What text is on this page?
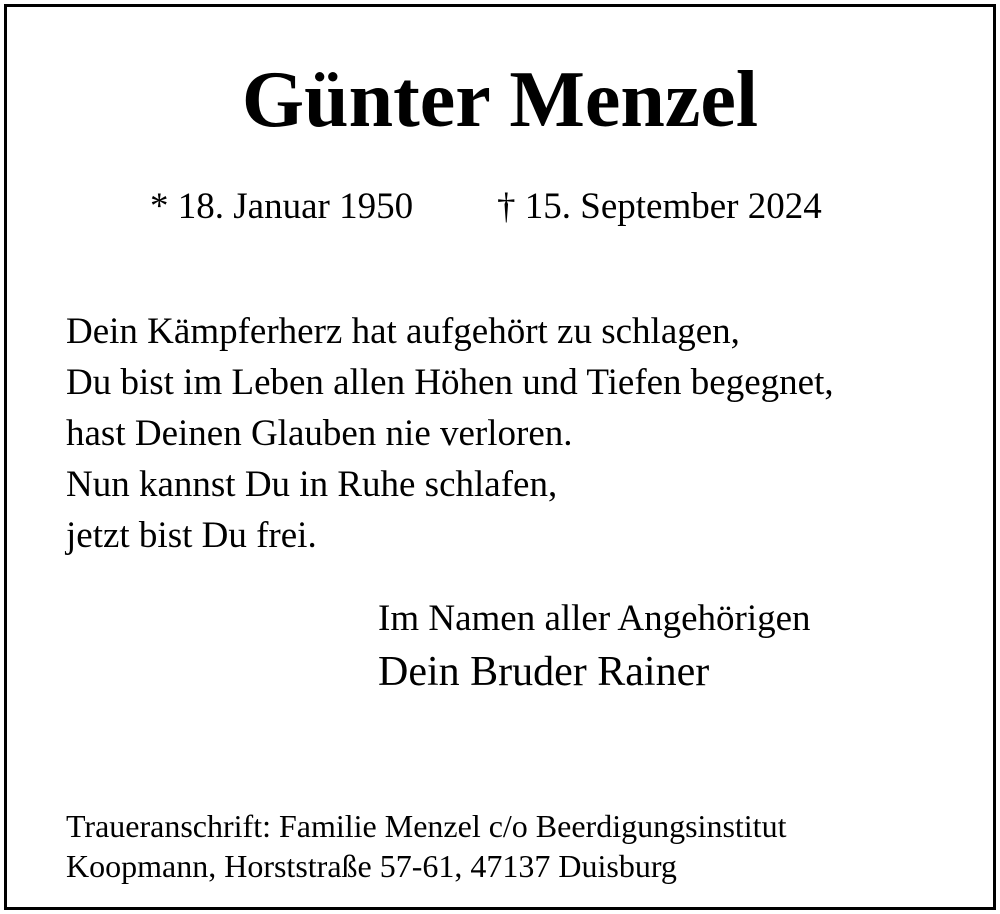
Günter Menzel
* 18. Januar 1950 † 15. September 2024
Dein Kämpferherz hat aufgehört zu schlagen,
Du bist im Leben allen Höhen und Tiefen begegnet,
hast Deinen Glauben nie verloren.
Nun kannst Du in Ruhe schlafen,
jetzt bist Du frei.
Im Namen aller Angehörigen
Dein Bruder Rainer
Traueranschrift: Familie Menzel c/o Beerdigungsinstitut
Koopmann, Horststraße 57-61, 47137 Duisburg
